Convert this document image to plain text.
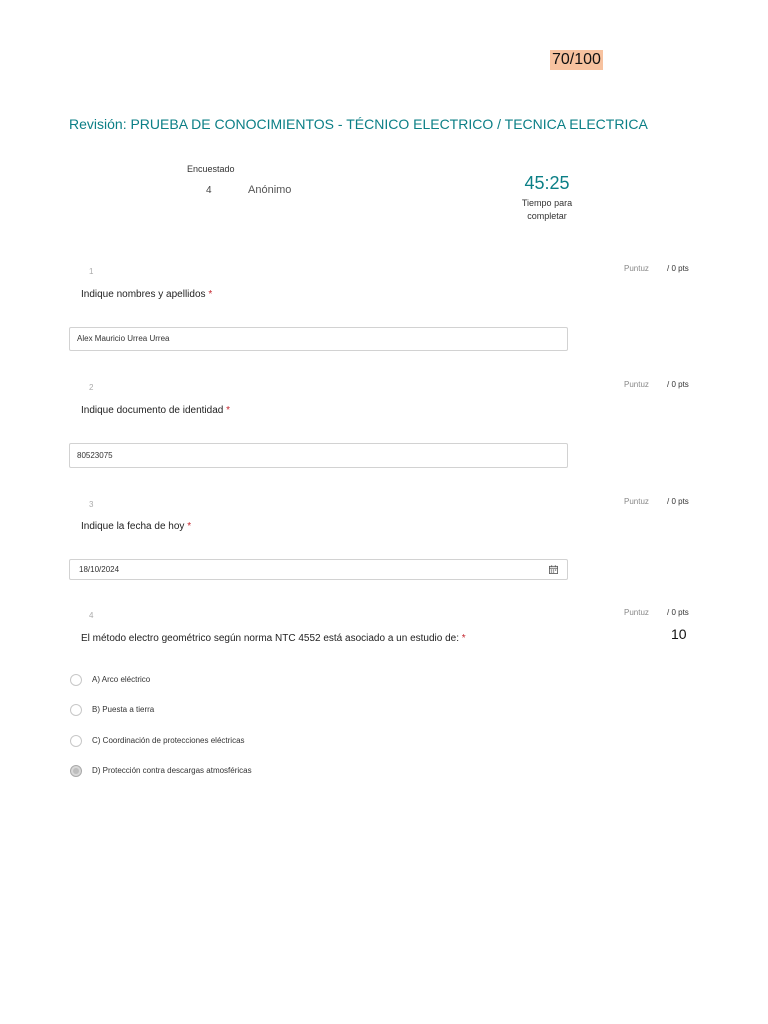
70/100
Revisión: PRUEBA DE CONOCIMIENTOS - TÉCNICO ELECTRICO / TECNICA ELECTRICA
Encuestado
4	Anónimo	45:25
Tiempo para
completar
1	Puntuz / 0 pts
Indique nombres y apellidos *
Alex Mauricio Urrea Urrea
2	Puntuz / 0 pts
Indique documento de identidad *
80523075
3	Puntuz / 0 pts
Indique la fecha de hoy *
18/10/2024
4	Puntuz / 0 pts
10
El método electro geométrico según norma NTC 4552 está asociado a un estudio de: *
A) Arco eléctrico
B) Puesta a tierra
C) Coordinación de protecciones eléctricas
D) Protección contra descargas atmosféricas
